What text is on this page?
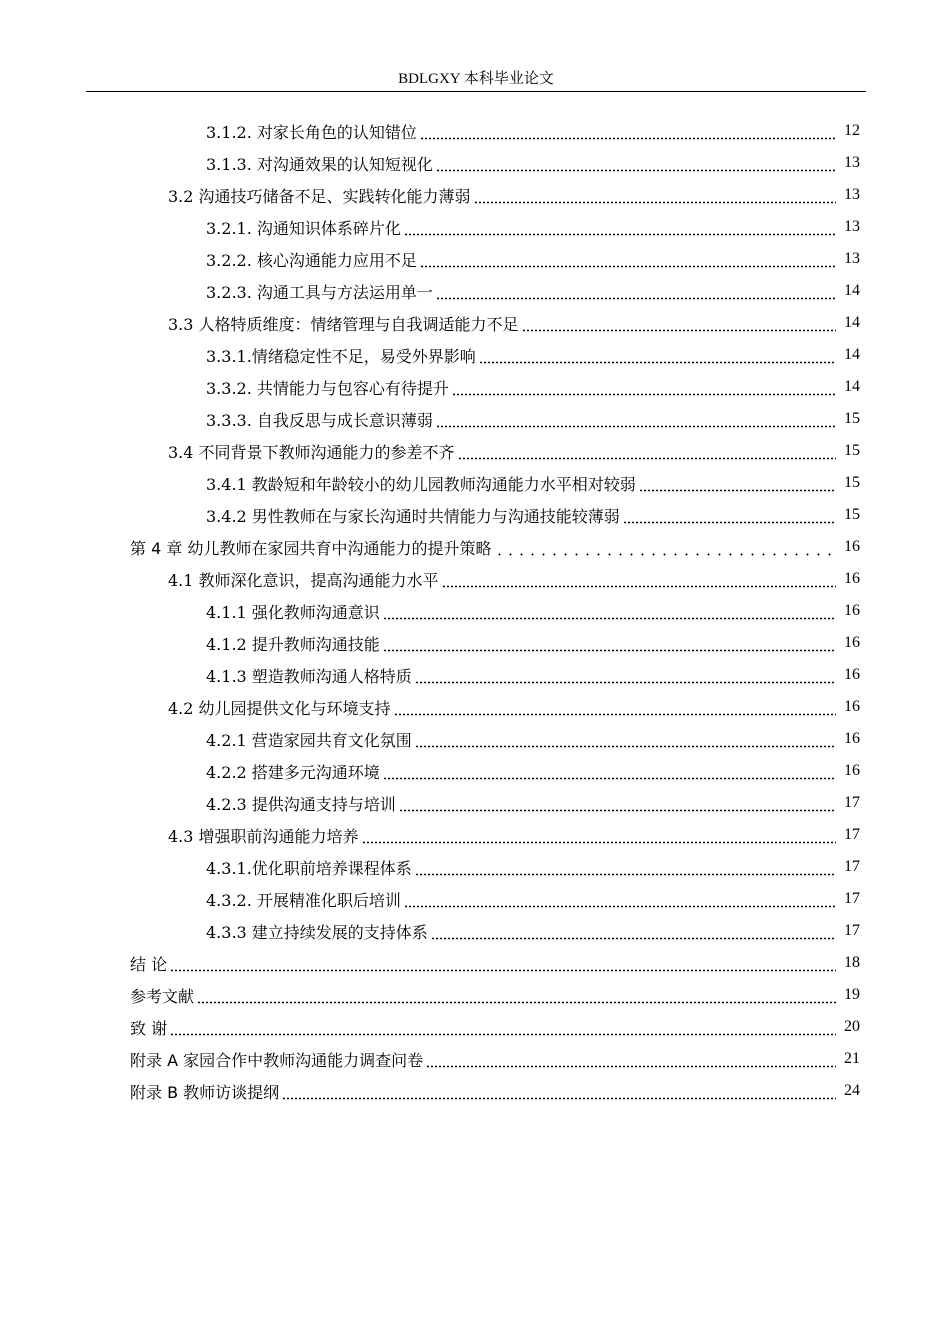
BDLGXY 本科毕业论文
3.1.2. 对家长角色的认知错位	12
3.1.3. 对沟通效果的认知短视化	13
3.2 沟通技巧储备不足、实践转化能力薄弱	13
3.2.1. 沟通知识体系碎片化	13
3.2.2. 核心沟通能力应用不足	13
3.2.3. 沟通工具与方法运用单一	14
3.3 人格特质维度：情绪管理与自我调适能力不足	14
3.3.1.情绪稳定性不足，易受外界影响	14
3.3.2. 共情能力与包容心有待提升	14
3.3.3. 自我反思与成长意识薄弱	15
3.4 不同背景下教师沟通能力的参差不齐	15
3.4.1 教龄短和年龄较小的幼儿园教师沟通能力水平相对较弱	15
3.4.2 男性教师在与家长沟通时共情能力与沟通技能较薄弱	15
第 4 章 幼儿教师在家园共育中沟通能力的提升策略	16
4.1 教师深化意识，提高沟通能力水平	16
4.1.1 强化教师沟通意识	16
4.1.2 提升教师沟通技能	16
4.1.3 塑造教师沟通人格特质	16
4.2 幼儿园提供文化与环境支持	16
4.2.1 营造家园共育文化氛围	16
4.2.2 搭建多元沟通环境	16
4.2.3 提供沟通支持与培训	17
4.3 增强职前沟通能力培养	17
4.3.1.优化职前培养课程体系	17
4.3.2. 开展精准化职后培训	17
4.3.3 建立持续发展的支持体系	17
结 论	18
参考文献	19
致 谢	20
附录 A 家园合作中教师沟通能力调查问卷	21
附录 B 教师访谈提纲	24
